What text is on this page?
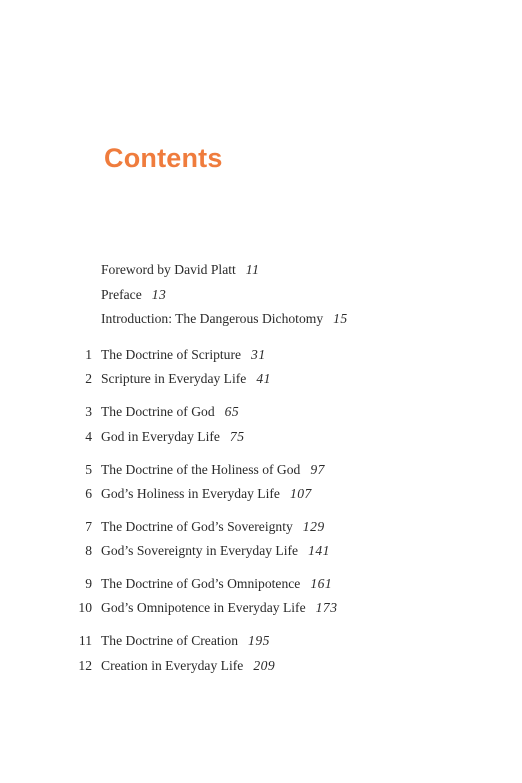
Contents
Foreword by David Platt 11
Preface 13
Introduction: The Dangerous Dichotomy 15
1 The Doctrine of Scripture 31
2 Scripture in Everyday Life 41
3 The Doctrine of God 65
4 God in Everyday Life 75
5 The Doctrine of the Holiness of God 97
6 God’s Holiness in Everyday Life 107
7 The Doctrine of God’s Sovereignty 129
8 God’s Sovereignty in Everyday Life 141
9 The Doctrine of God’s Omnipotence 161
10 God’s Omnipotence in Everyday Life 173
11 The Doctrine of Creation 195
12 Creation in Everyday Life 209
